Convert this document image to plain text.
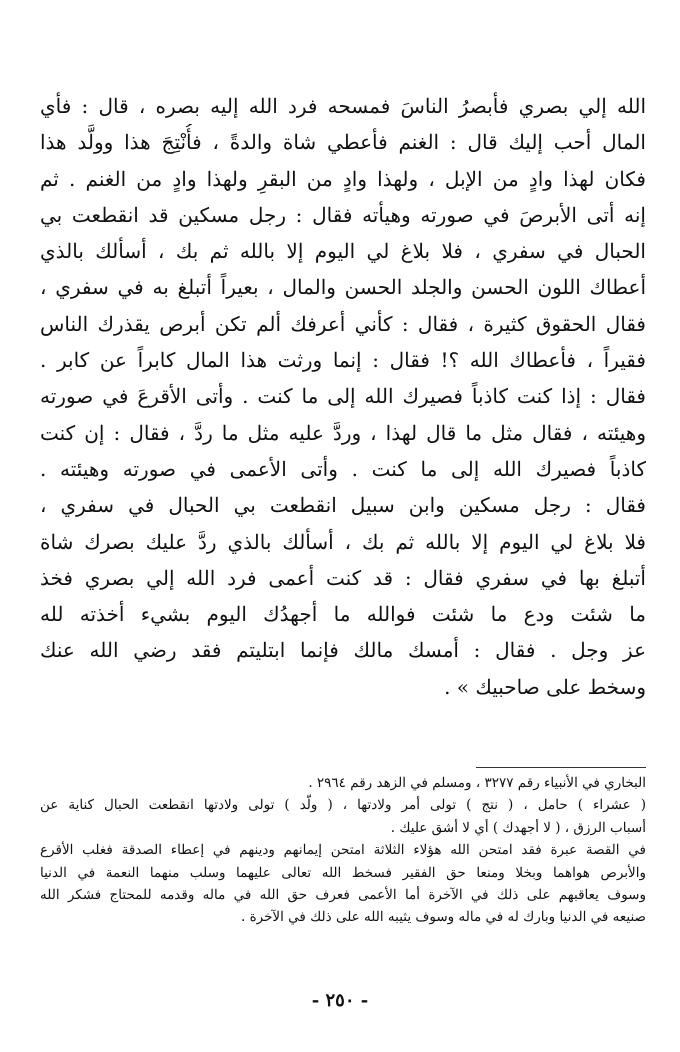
الله إلي بصري فأبصرُ الناسَ فمسحه فرد الله إليه بصره ، قال : فأي
المال أحب إليك قال : الغنم فأعطي شاة والدةً ، فأُنْتِجَ هذا وولَّد هذا
فكان لهذا وادٍ من الإبل ، ولهذا وادٍ من البقرِ ولهذا وادٍ من الغنم . ثم
إنه أتى الأبرصَ في صورته وهيأته فقال : رجل مسكين قد انقطعت بي
الحبال في سفري ، فلا بلاغ لي اليوم إلا بالله ثم بك ، أسألك بالذي
أعطاك اللون الحسن والجلد الحسن والمال ، بعيراً أتبلغ به في سفري ،
فقال الحقوق كثيرة ، فقال : كأني أعرفك ألم تكن أبرص يقذرك الناس
فقيراً ، فأعطاك الله ؟! فقال : إنما ورثت هذا المال كابراً عن كابر .
فقال : إذا كنت كاذباً فصيرك الله إلى ما كنت . وأتى الأقرعَ في صورته
وهيئته ، فقال مثل ما قال لهذا ، وردَّ عليه مثل ما ردَّ ، فقال : إن كنت
كاذباً فصيرك الله إلى ما كنت . وأتى الأعمى في صورته وهيئته .
فقال : رجل مسكين وابن سبيل انقطعت بي الحبال في سفري ،
فلا بلاغ لي اليوم إلا بالله ثم بك ، أسألك بالذي ردَّ عليك بصرك شاة
أتبلغ بها في سفري فقال : قد كنت أعمى فرد الله إلي بصري فخذ
ما شئت ودع ما شئت فوالله ما أجهدُك اليوم بشيء أخذته لله
عز وجل . فقال : أمسك مالك فإنما ابتليتم فقد رضي الله عنك
وسخط على صاحبيك » .
البخاري في الأنبياء رقم ٣٢٧٧ ، ومسلم في الزهد رقم ٢٩٦٤ .
( عشراء ) حامل ، ( نتج ) تولى أمر ولادتها ، ( ولَّد ) تولى ولادتها انقطعت الحبال كناية عن
أسباب الرزق ، ( لا أجهدك ) أي لا أشق عليك .
في القصة عبرة فقد امتحن الله هؤلاء الثلاثة امتحن إيمانهم ودينهم في إعطاء الصدقة فغلب الأقرع
والأبرص هواهما وبخلا ومنعا حق الفقير فسخط الله تعالى عليهما وسلب منهما النعمة في الدنيا
وسوف يعاقبهم على ذلك في الآخرة أما الأعمى فعرف حق الله في ماله وقدمه للمحتاج فشكر الله
صنيعه في الدنيا وبارك له في ماله وسوف يثيبه الله على ذلك في الآخرة .
- ٢٥٠ -
